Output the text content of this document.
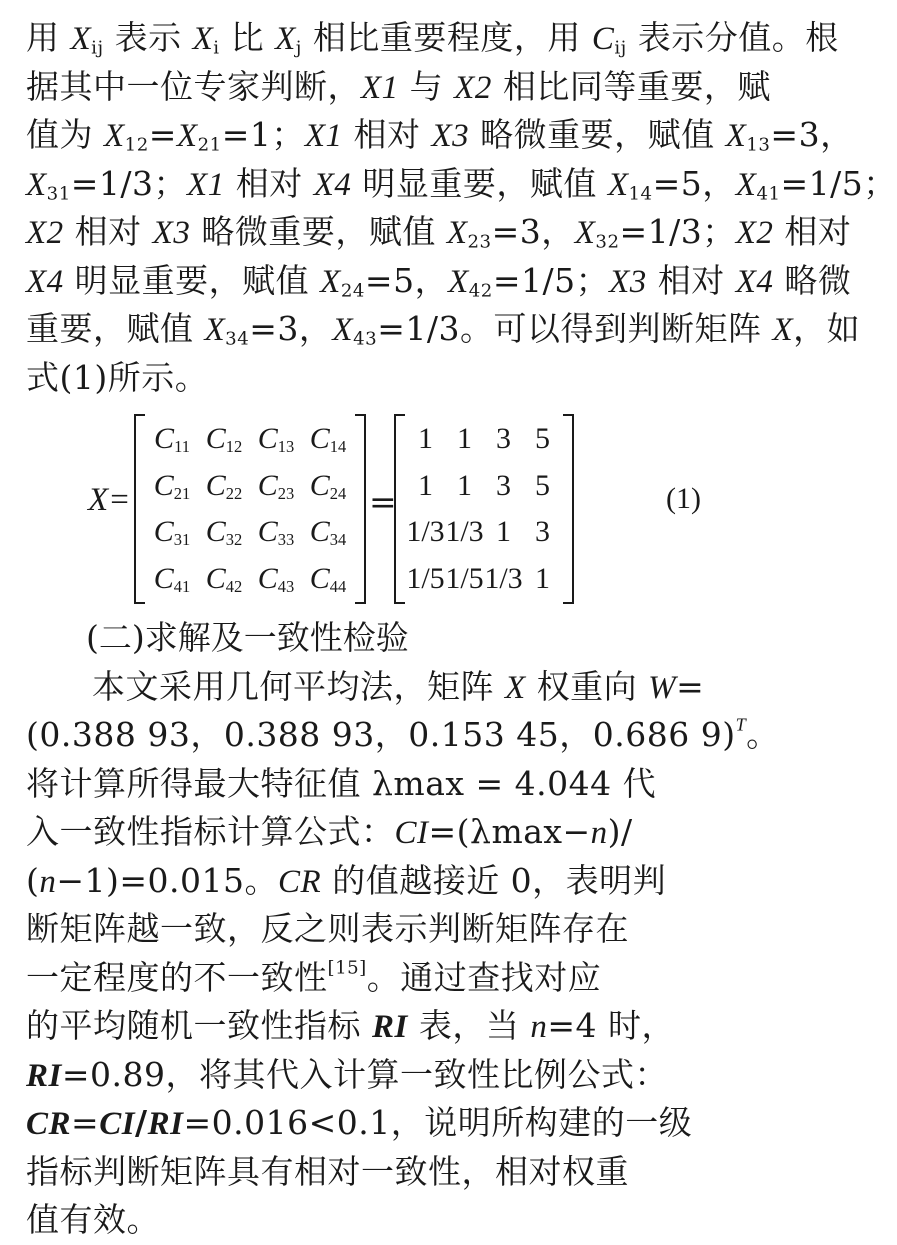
用 $X_{ij}$ 表示 $X_i$ 比 $X_j$ 相比重要程度，用 $C_{ij}$ 表示分值。根
据其中一位专家判断，X1 与 X2 相比同等重要，赋
值为 $X_{12}=X_{21}=1$；X1 相对 X3 略微重要，赋值 $X_{13}=3$，
$X_{31}=1/3$；X1 相对 X4 明显重要，赋值 $X_{14}=5$，$X_{41}=1/5$；
X2 相对 X3 略微重要，赋值 $X_{23}=3$，$X_{32}=1/3$；X2 相对
X4 明显重要，赋值 $X_{24}=5$，$X_{42}=1/5$；X3 相对 X4 略微
重要，赋值 $X_{34}=3$，$X_{43}=1/3$。可以得到判断矩阵 X，如
式(1)所示。
X=
$C_{11}$ $C_{12}$ $C_{13}$ $C_{14}$
$C_{21}$ $C_{22}$ $C_{23}$ $C_{24}$
$C_{31}$ $C_{32}$ $C_{33}$ $C_{34}$
$C_{41}$ $C_{42}$ $C_{43}$ $C_{44}$
=
1 1 3 5
1 1 3 5
1/3 1/3 1 3
1/5 1/5 1/3 1
(1)
(二)求解及一致性检验
本文采用几何平均法，矩阵 X 权重向 W=
(0.388 93，0.388 93，0.153 45，0.686 9)$^T$。
将计算所得最大特征值 λmax = 4.044 代
入一致性指标计算公式：CI=(λmax−n)/
(n−1)=0.015。CR 的值越接近 0，表明判
断矩阵越一致，反之则表示判断矩阵存在
一定程度的不一致性[15]。通过查找对应
的平均随机一致性指标 RI 表，当 n=4 时，
RI=0.89，将其代入计算一致性比例公式：
CR=CI/RI=0.016<0.1，说明所构建的一级
指标判断矩阵具有相对一致性，相对权重
值有效。
